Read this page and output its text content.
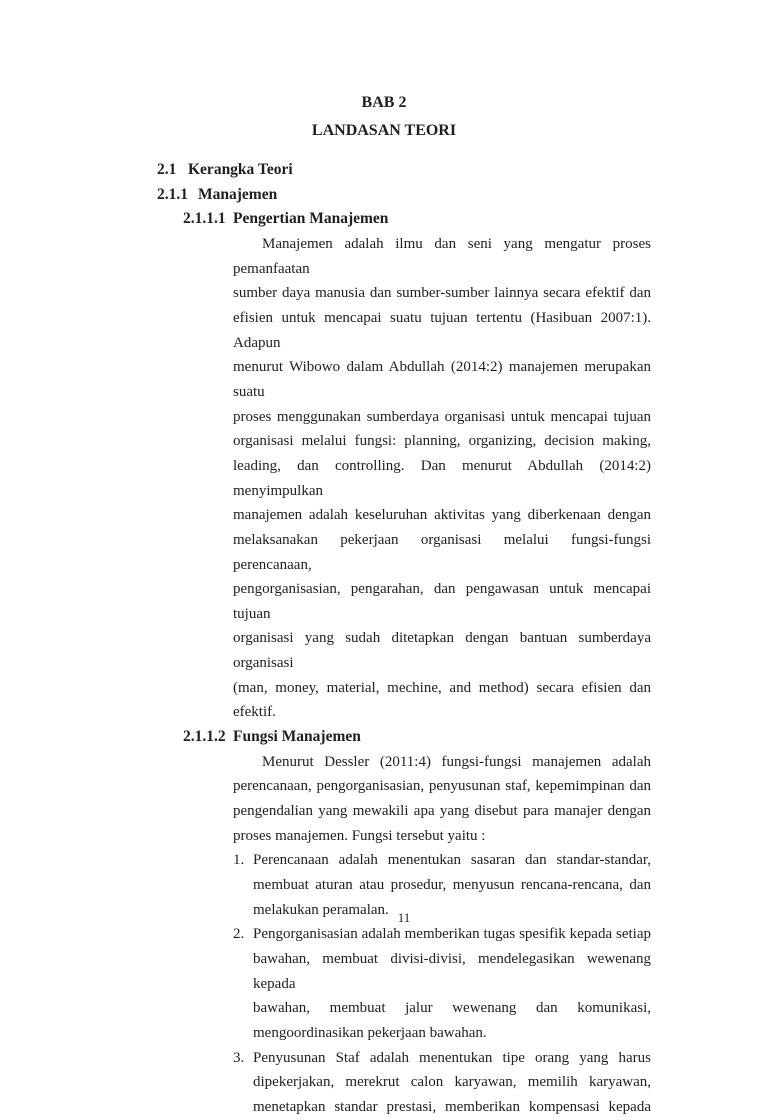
BAB 2
LANDASAN TEORI
2.1 Kerangka Teori
2.1.1 Manajemen
2.1.1.1 Pengertian Manajemen
Manajemen adalah ilmu dan seni yang mengatur proses pemanfaatan
sumber daya manusia dan sumber-sumber lainnya secara efektif dan
efisien untuk mencapai suatu tujuan tertentu (Hasibuan 2007:1). Adapun
menurut Wibowo dalam Abdullah (2014:2) manajemen merupakan suatu
proses menggunakan sumberdaya organisasi untuk mencapai tujuan
organisasi melalui fungsi: planning, organizing, decision making,
leading, dan controlling. Dan menurut Abdullah (2014:2) menyimpulkan
manajemen adalah keseluruhan aktivitas yang diberkenaan dengan
melaksanakan pekerjaan organisasi melalui fungsi-fungsi perencanaan,
pengorganisasian, pengarahan, dan pengawasan untuk mencapai tujuan
organisasi yang sudah ditetapkan dengan bantuan sumberdaya organisasi
(man, money, material, mechine, and method) secara efisien dan efektif.
2.1.1.2 Fungsi Manajemen
Menurut Dessler (2011:4) fungsi-fungsi manajemen adalah
perencanaan, pengorganisasian, penyusunan staf, kepemimpinan dan
pengendalian yang mewakili apa yang disebut para manajer dengan
proses manajemen. Fungsi tersebut yaitu :
1. Perencanaan adalah menentukan sasaran dan standar-standar,
membuat aturan atau prosedur, menyusun rencana-rencana, dan
melakukan peramalan.
2. Pengorganisasian adalah memberikan tugas spesifik kepada setiap
bawahan, membuat divisi-divisi, mendelegasikan wewenang kepada
bawahan, membuat jalur wewenang dan komunikasi,
mengoordinasikan pekerjaan bawahan.
3. Penyusunan Staf adalah menentukan tipe orang yang harus
dipekerjakan, merekrut calon karyawan, memilih karyawan,
menetapkan standar prestasi, memberikan kompensasi kepada
11
